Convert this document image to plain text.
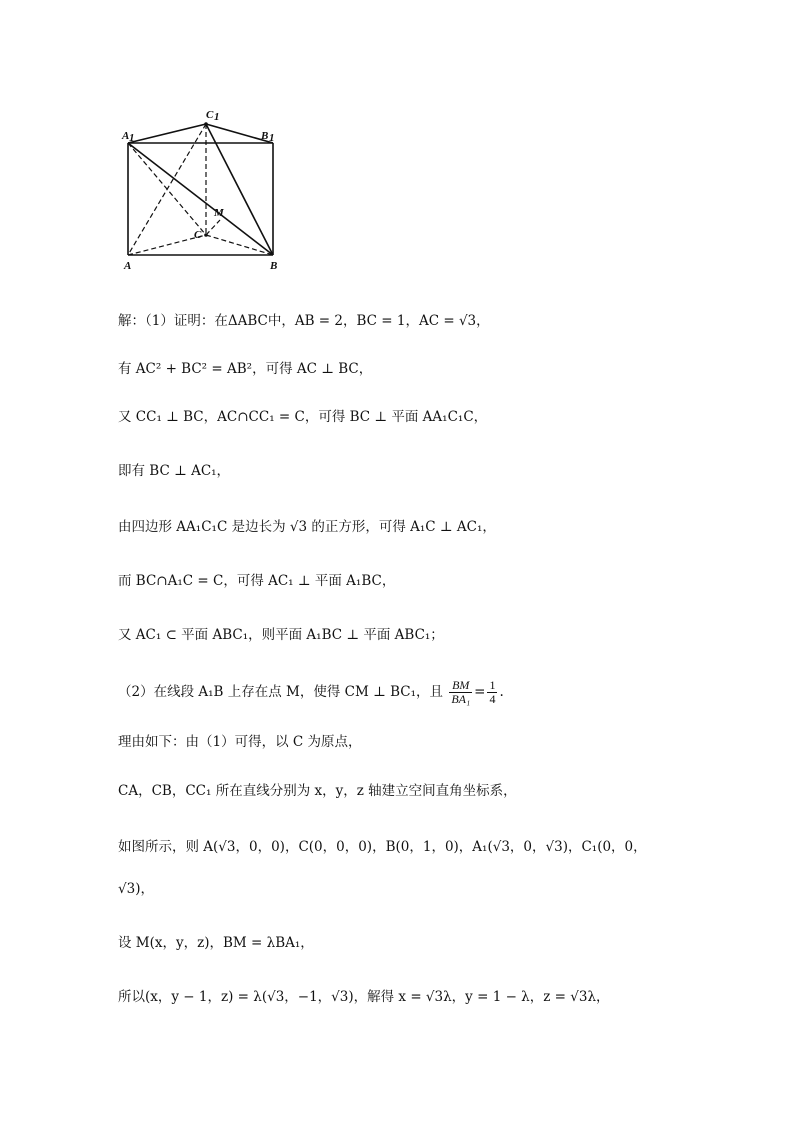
C 1
A 1	B 1
M
C
A	B
解：（1）证明：在ΔABC中，AB = 2，BC = 1，AC = √3，
有 AC² + BC² = AB²，可得 AC ⊥ BC，
又 CC₁ ⊥ BC，AC∩CC₁ = C，可得 BC ⊥ 平面 AA₁C₁C，
即有 BC ⊥ AC₁，
由四边形 AA₁C₁C 是边长为 √3 的正方形，可得 A₁C ⊥ AC₁，
而 BC∩A₁C = C，可得 AC₁ ⊥ 平面 A₁BC，
又 AC₁ ⊂ 平面 ABC₁，则平面 A₁BC ⊥ 平面 ABC₁；
（2）在线段 A₁B 上存在点 M，使得 CM ⊥ BC₁，且 $\frac{BM}{\text{BA₁}} = \frac{1}{4}$ .
理由如下：由（1）可得，以 C 为原点，
CA，CB，CC₁ 所在直线分别为 x，y，z 轴建立空间直角坐标系，
如图所示，则 A(√3，0，0)，C(0，0，0)，B(0，1，0)，A₁(√3，0，√3)，C₁(0，0，
√3)，
设 M(x，y，z)，BM = λBA₁，
所以(x，y − 1，z) = λ(√3，−1，√3)，解得 x = √3λ，y = 1 − λ，z = √3λ，
